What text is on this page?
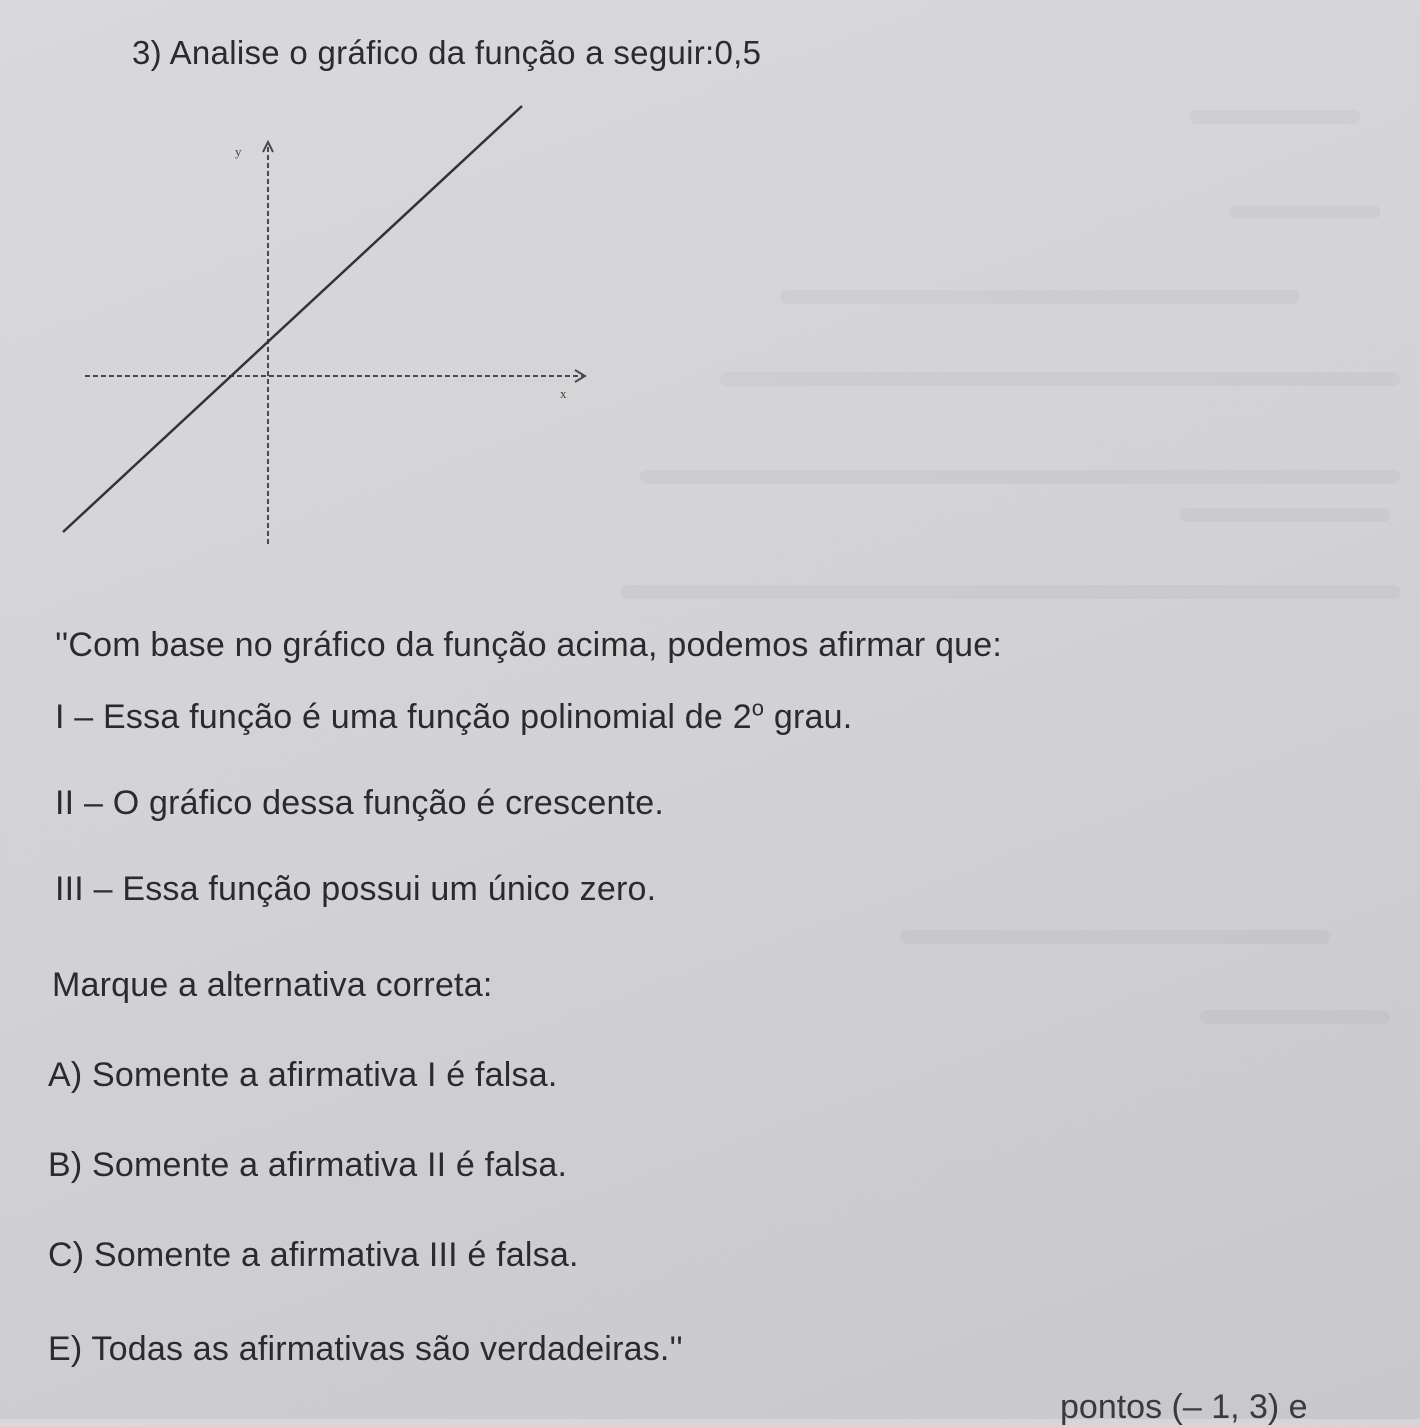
3) Analise o gráfico da função a seguir:0,5
x
y
''Com base no gráfico da função acima, podemos afirmar que:
I – Essa função é uma função polinomial de 2$^o$ grau.
II – O gráfico dessa função é crescente.
III – Essa função possui um único zero.
Marque a alternativa correta:
A) Somente a afirmativa I é falsa.
B) Somente a afirmativa II é falsa.
C) Somente a afirmativa III é falsa.
E) Todas as afirmativas são verdadeiras.''
pontos (– 1, 3) e
